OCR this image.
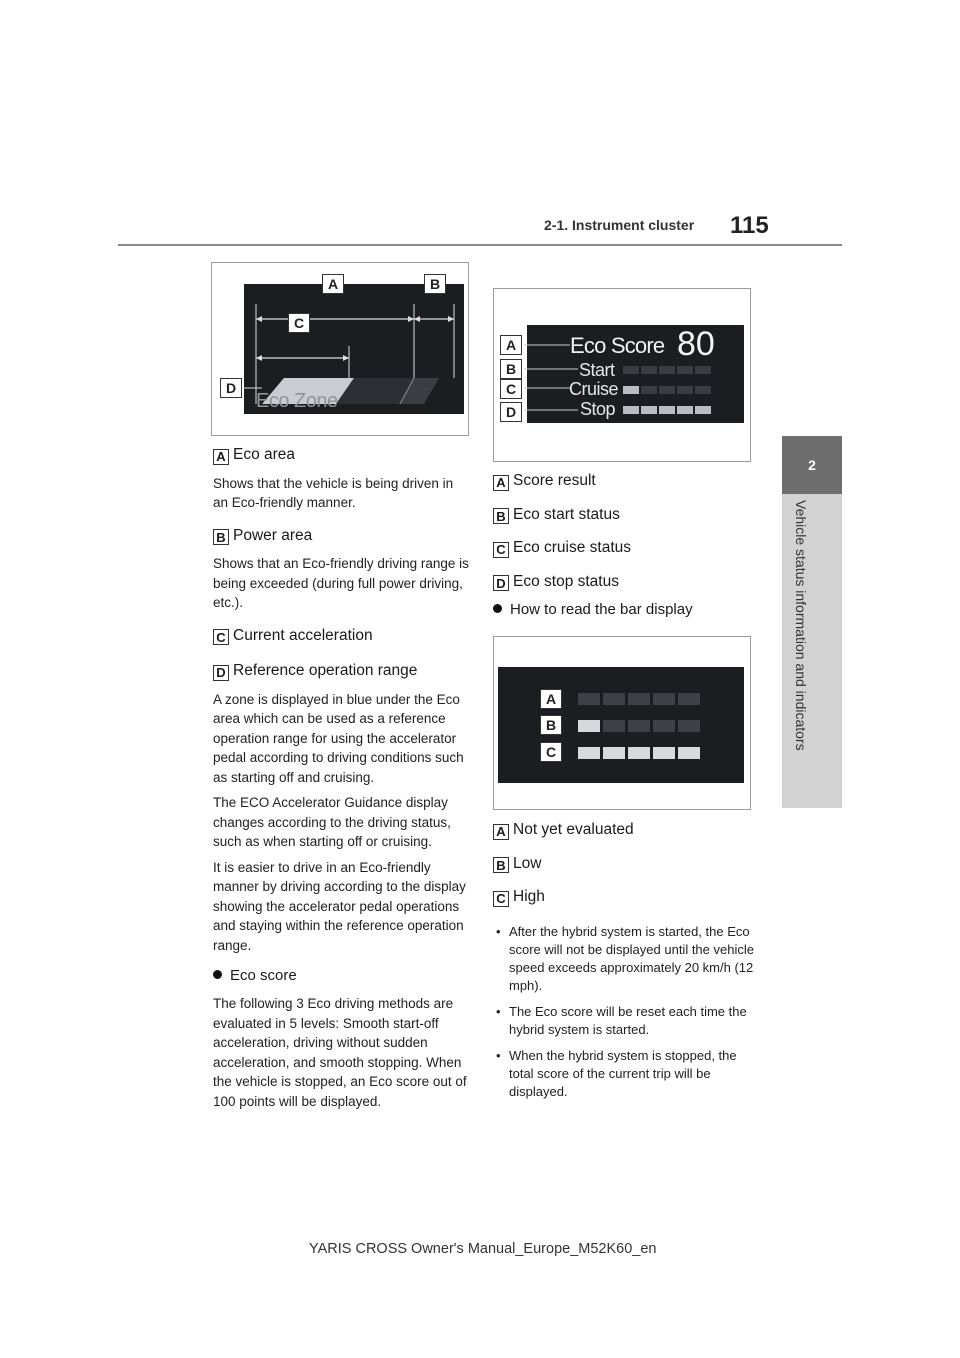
2-1. Instrument cluster 115
2
Vehicle status information and indicators
Eco Zone
A	B
C
D
A Eco area

Shows that the vehicle is being driven in an Eco-friendly manner.

B Power area

Shows that an Eco-friendly driving range is being exceeded (during full power driving, etc.).

C Current acceleration
D Reference operation range

A zone is displayed in blue under the Eco area which can be used as a reference operation range for using the accelerator pedal according to driving conditions such as starting off and cruising.

The ECO Accelerator Guidance display changes according to the driving status, such as when starting off or cruising.

It is easier to drive in an Eco-friendly manner by driving according to the display showing the accelerator pedal operations and staying within the reference operation range.

Eco score

The following 3 Eco driving methods are evaluated in 5 levels: Smooth start-off acceleration, driving without sudden acceleration, and smooth stopping. When the vehicle is stopped, an Eco score out of 100 points will be displayed.

Eco Score 80
Start
Cruise
Stop
A
B
C
D
A Score result
B Eco start status
C Eco cruise status
D Eco stop status
How to read the bar display
A
B
C
A Not yet evaluated
B Low
C High
• After the hybrid system is started, the Eco score will not be displayed until the vehicle speed exceeds approximately 20 km/h (12 mph).
• The Eco score will be reset each time the hybrid system is started.
• When the hybrid system is stopped, the total score of the current trip will be displayed.
YARIS CROSS Owner's Manual_Europe_M52K60_en
